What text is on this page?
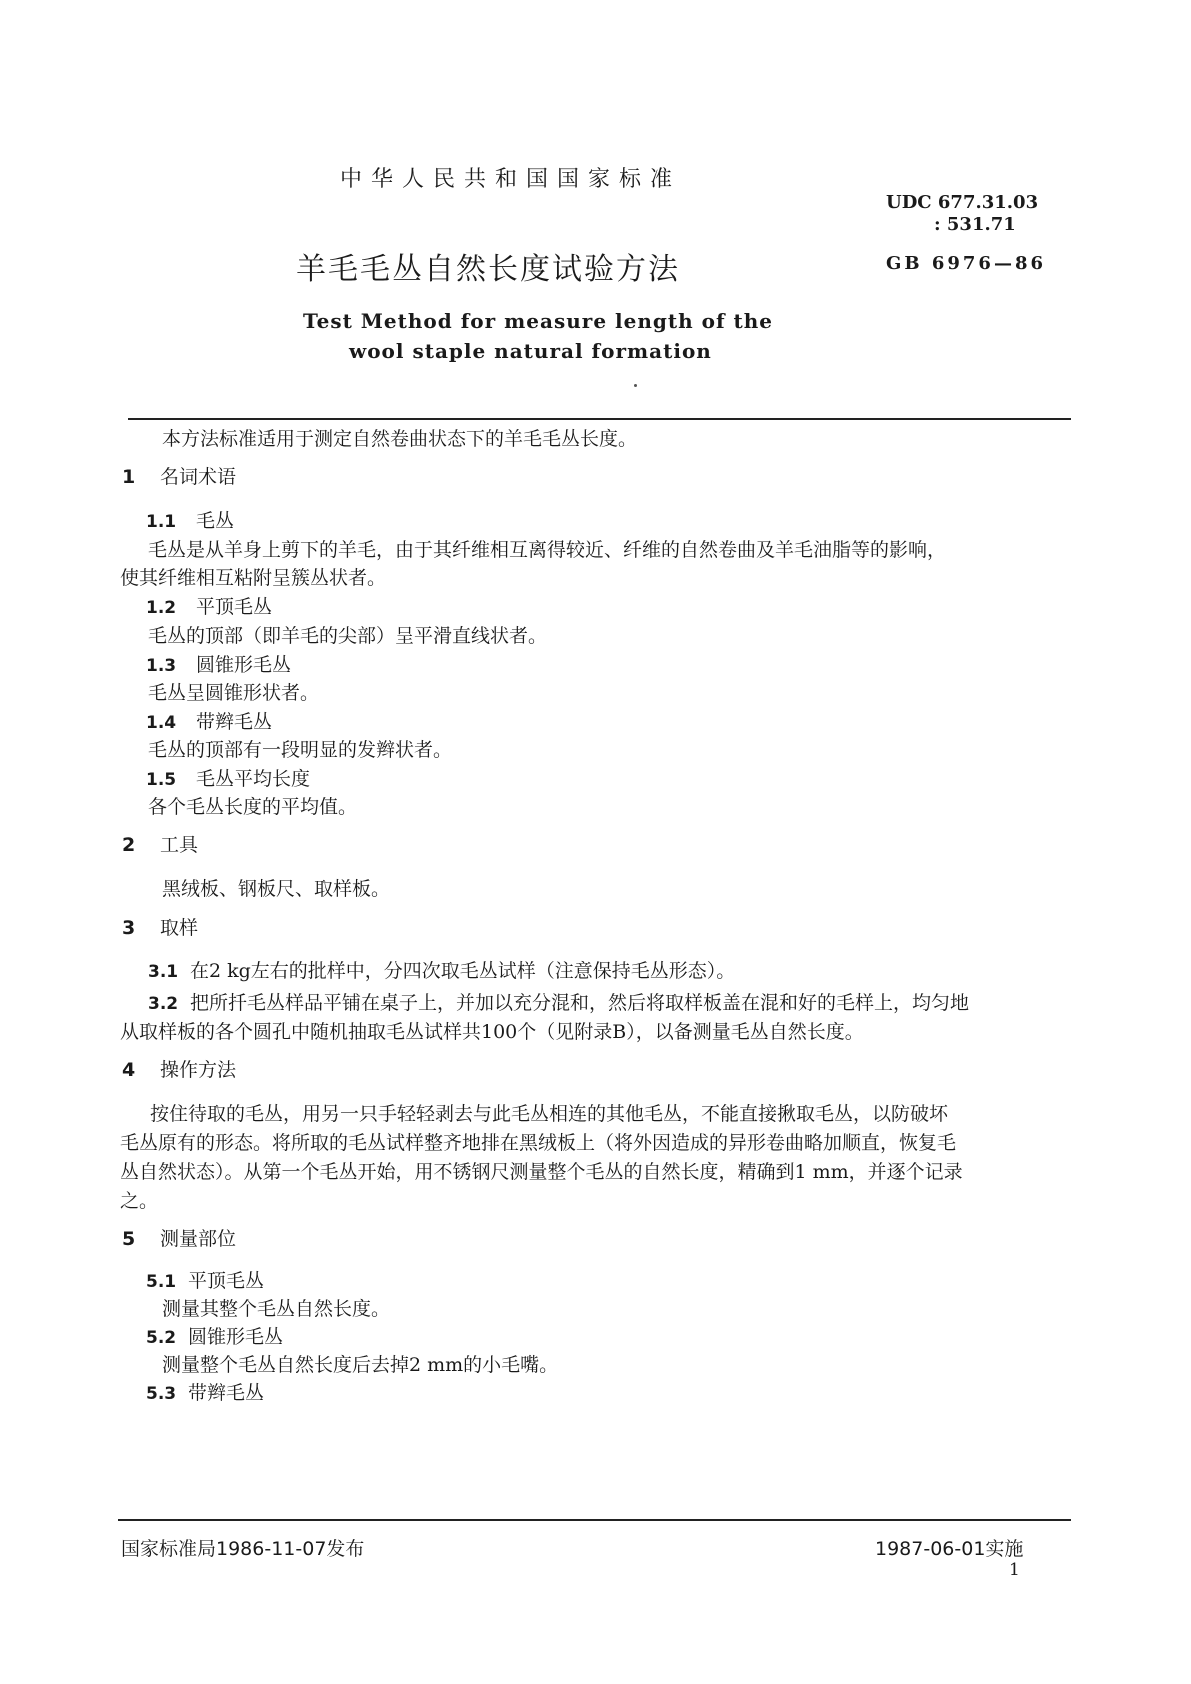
中华人民共和国国家标准
UDC 677.31.03
: 531.71
羊毛毛丛自然长度试验方法	GB 6976—86
Test Method for measure length of the
wool staple natural formation
本方法标准适用于测定自然卷曲状态下的羊毛毛丛长度。
1 名词术语
1.1 毛丛
毛丛是从羊身上剪下的羊毛，由于其纤维相互离得较近、纤维的自然卷曲及羊毛油脂等的影响，
使其纤维相互粘附呈簇丛状者。
1.2 平顶毛丛
毛丛的顶部（即羊毛的尖部）呈平滑直线状者。
1.3 圆锥形毛丛
毛丛呈圆锥形状者。
1.4 带辫毛丛
毛丛的顶部有一段明显的发辫状者。
1.5 毛丛平均长度
各个毛丛长度的平均值。
2 工具
黑绒板、钢板尺、取样板。
3 取样
3.1 在2 kg左右的批样中，分四次取毛丛试样（注意保持毛丛形态）。
3.2 把所扦毛丛样品平铺在桌子上，并加以充分混和，然后将取样板盖在混和好的毛样上，均匀地
从取样板的各个圆孔中随机抽取毛丛试样共100个（见附录B），以备测量毛丛自然长度。
4 操作方法
按住待取的毛丛，用另一只手轻轻剥去与此毛丛相连的其他毛丛，不能直接揪取毛丛，以防破坏
毛丛原有的形态。将所取的毛丛试样整齐地排在黑绒板上（将外因造成的异形卷曲略加顺直，恢复毛
丛自然状态）。从第一个毛丛开始，用不锈钢尺测量整个毛丛的自然长度，精确到1 mm，并逐个记录
之。
5 测量部位
5.1 平顶毛丛
测量其整个毛丛自然长度。
5.2 圆锥形毛丛
测量整个毛丛自然长度后去掉2 mm的小毛嘴。
5.3 带辫毛丛
国家标准局1986-11-07发布	1987-06-01实施
1
